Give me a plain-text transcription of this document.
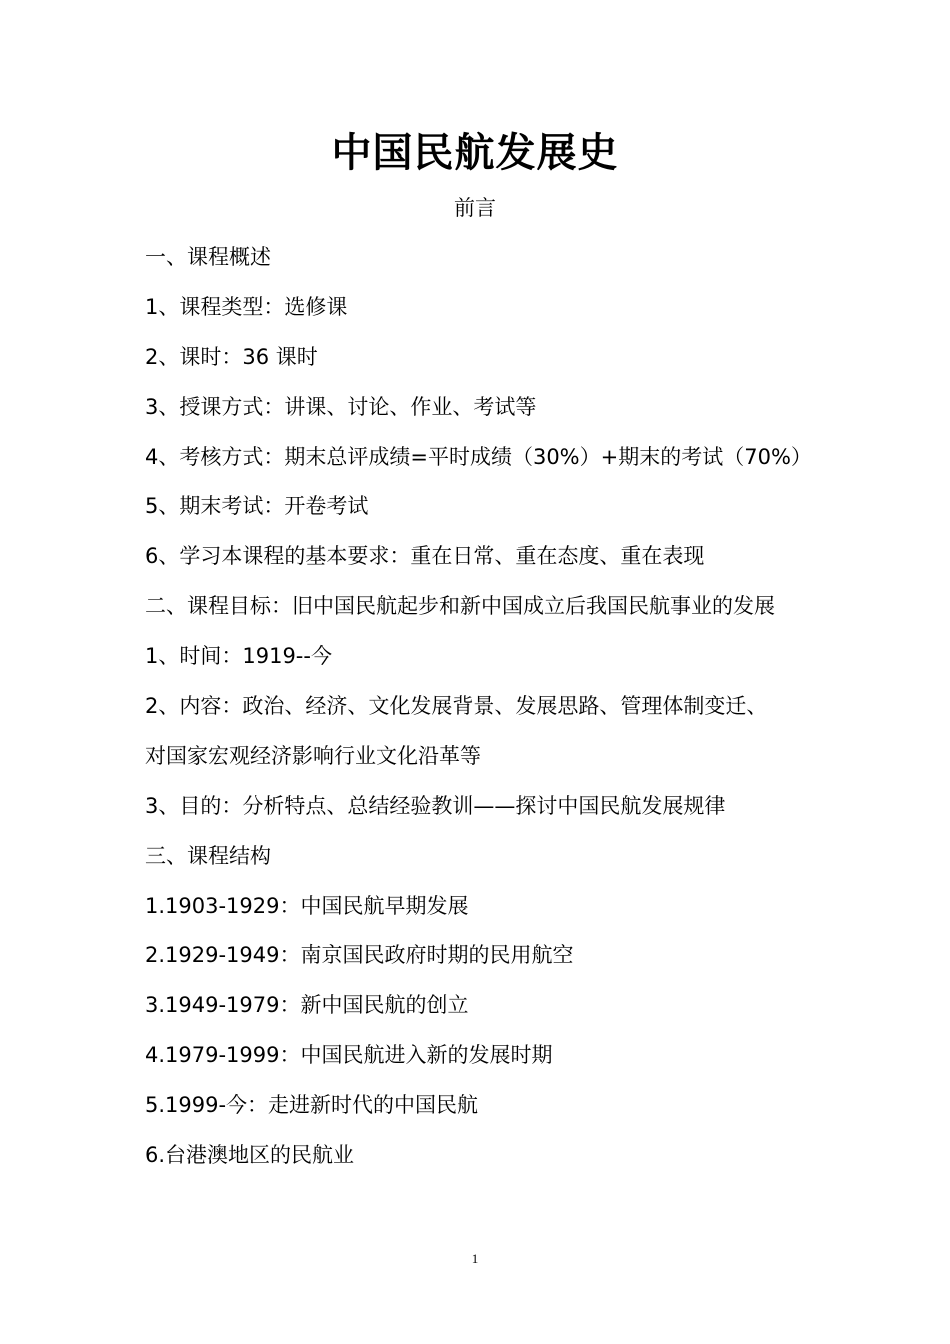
中国民航发展史
前言
一、课程概述
1、课程类型：选修课
2、课时：36 课时
3、授课方式：讲课、讨论、作业、考试等
4、考核方式：期末总评成绩=平时成绩（30%）+期末的考试（70%）
5、期末考试：开卷考试
6、学习本课程的基本要求：重在日常、重在态度、重在表现
二、课程目标：旧中国民航起步和新中国成立后我国民航事业的发展
1、时间：1919--今
2、内容：政治、经济、文化发展背景、发展思路、管理体制变迁、
对国家宏观经济影响行业文化沿革等
3、目的：分析特点、总结经验教训——探讨中国民航发展规律
三、课程结构
1.1903-1929：中国民航早期发展
2.1929-1949：南京国民政府时期的民用航空
3.1949-1979：新中国民航的创立
4.1979-1999：中国民航进入新的发展时期
5.1999-今：走进新时代的中国民航
6.台港澳地区的民航业
1
